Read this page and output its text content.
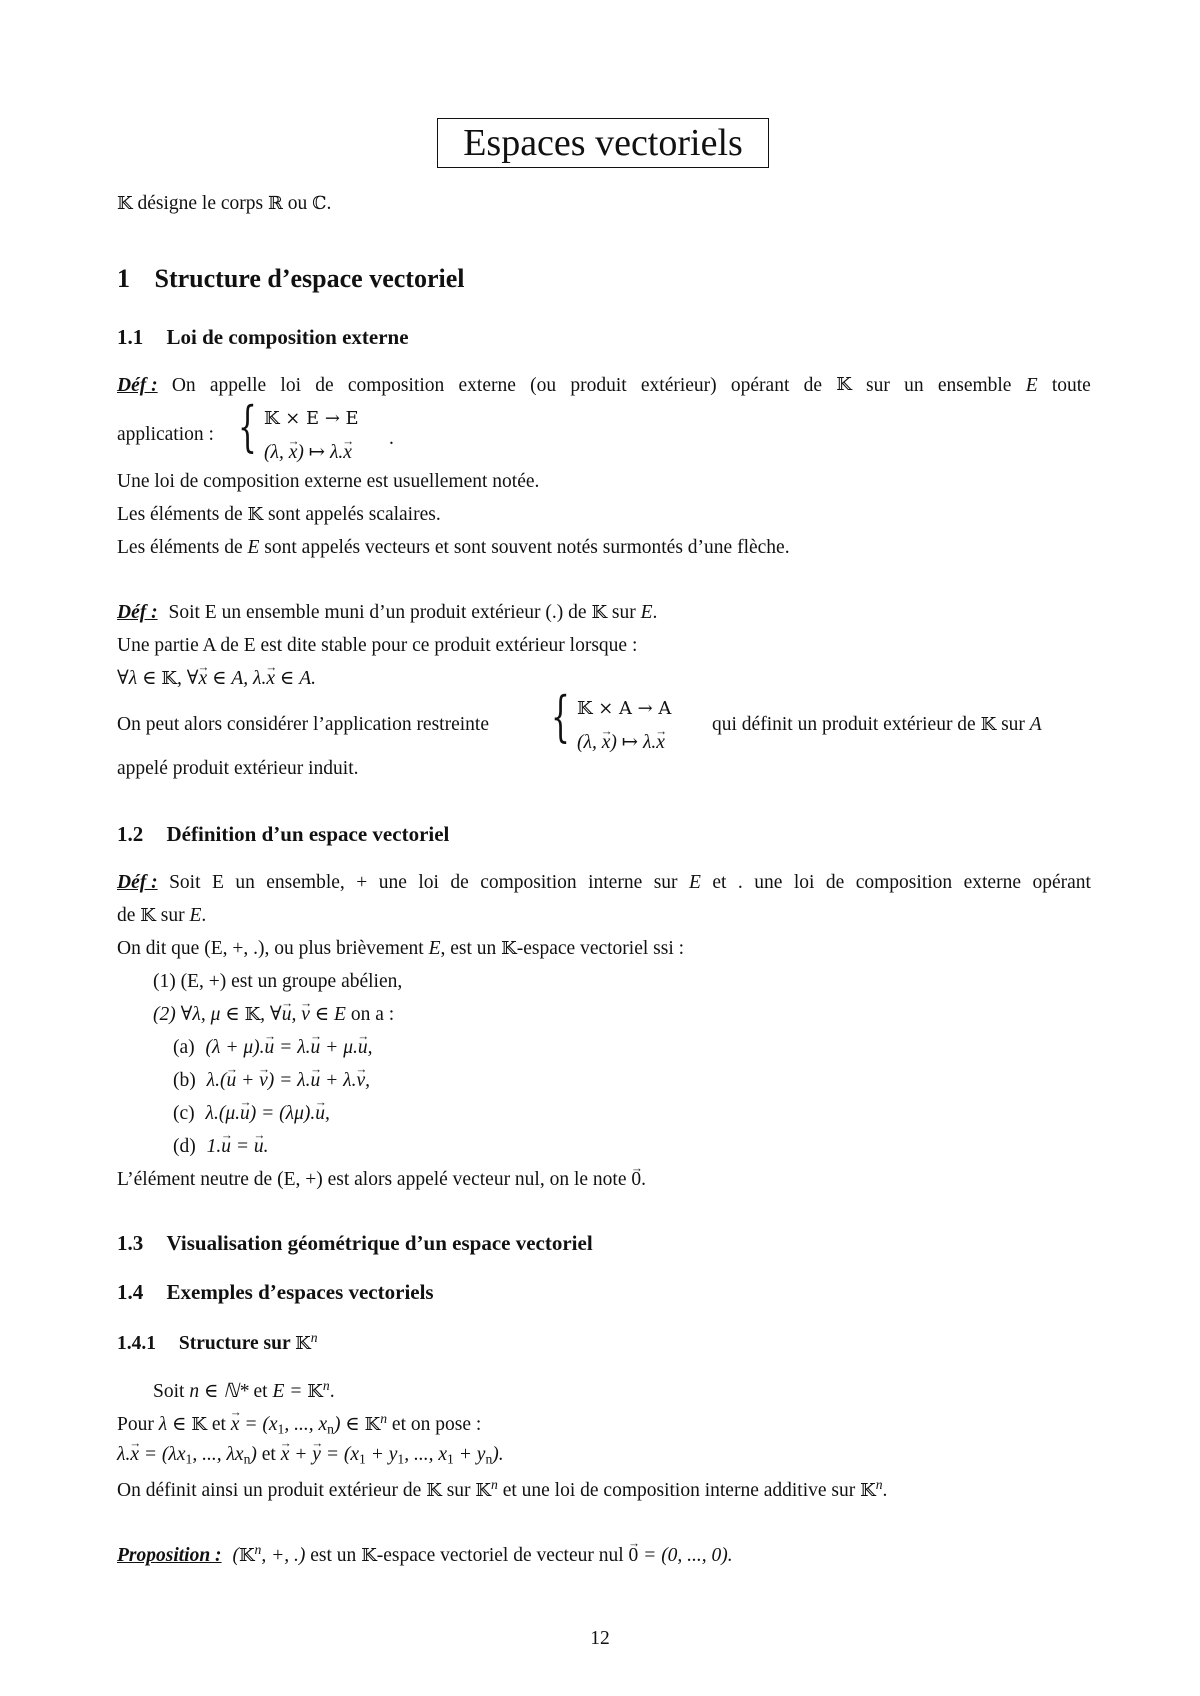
Espaces vectoriels
𝕂 désigne le corps ℝ ou ℂ.
1 Structure d’espace vectoriel
1.1 Loi de composition externe
Déf : On appelle loi de composition externe (ou produit extérieur) opérant de 𝕂 sur un ensemble E toute
application : { 𝕂 × E → E
(λ, → x) ↦ λ.→ x
.
Une loi de composition externe est usuellement notée.
Les éléments de 𝕂 sont appelés scalaires.
Les éléments de E sont appelés vecteurs et sont souvent notés surmontés d’une flèche.
Déf : Soit E un ensemble muni d’un produit extérieur (.) de 𝕂 sur E.
Une partie A de E est dite stable pour ce produit extérieur lorsque :
∀λ ∈ 𝕂, ∀→ x ∈ A, λ.→ x ∈ A.
On peut alors considérer l’application restreinte { 𝕂 × A → A
(λ, → x) ↦ λ.→ x
qui définit un produit extérieur de 𝕂 sur A
appelé produit extérieur induit.
1.2 Définition d’un espace vectoriel
Déf : Soit E un ensemble, + une loi de composition interne sur E et . une loi de composition externe opérant
de 𝕂 sur E.
On dit que (E, +, .), ou plus brièvement E, est un 𝕂-espace vectoriel ssi :
(1) (E, +) est un groupe abélien,
(2) ∀λ, μ ∈ 𝕂, ∀→ u, → v ∈ E on a :
(a) (λ + μ).→ u = λ.→ u + μ.→ u,
(b) λ.(→ u + → v) = λ.→ u + λ.→ v,
(c) λ.(μ.→ u) = (λμ).→ u,
(d) 1.→ u = → u.
L’élément neutre de (E, +) est alors appelé vecteur nul, on le note → 0.
1.3 Visualisation géométrique d’un espace vectoriel
1.4 Exemples d’espaces vectoriels
1.4.1 Structure sur 𝕂$^n$
Soit n ∈ ℕ* et E = 𝕂$^n$.
Pour λ ∈ 𝕂 et → $x = (x_1$, ..., $x_n$) ∈ 𝕂$^n$ et on pose :
$\lambda.\to x = (\lambda x_1$, ..., $\lambda x_n$) et → x + → $y = (x_1 + y_1$, ..., $x_1 + y_n$).
On définit ainsi un produit extérieur de 𝕂 sur 𝕂$^n$ et une loi de composition interne additive sur 𝕂$^n$.
Proposition : (𝕂$^n$, +, .) est un 𝕂-espace vectoriel de vecteur nul → 0 = (0, ..., 0).
12
